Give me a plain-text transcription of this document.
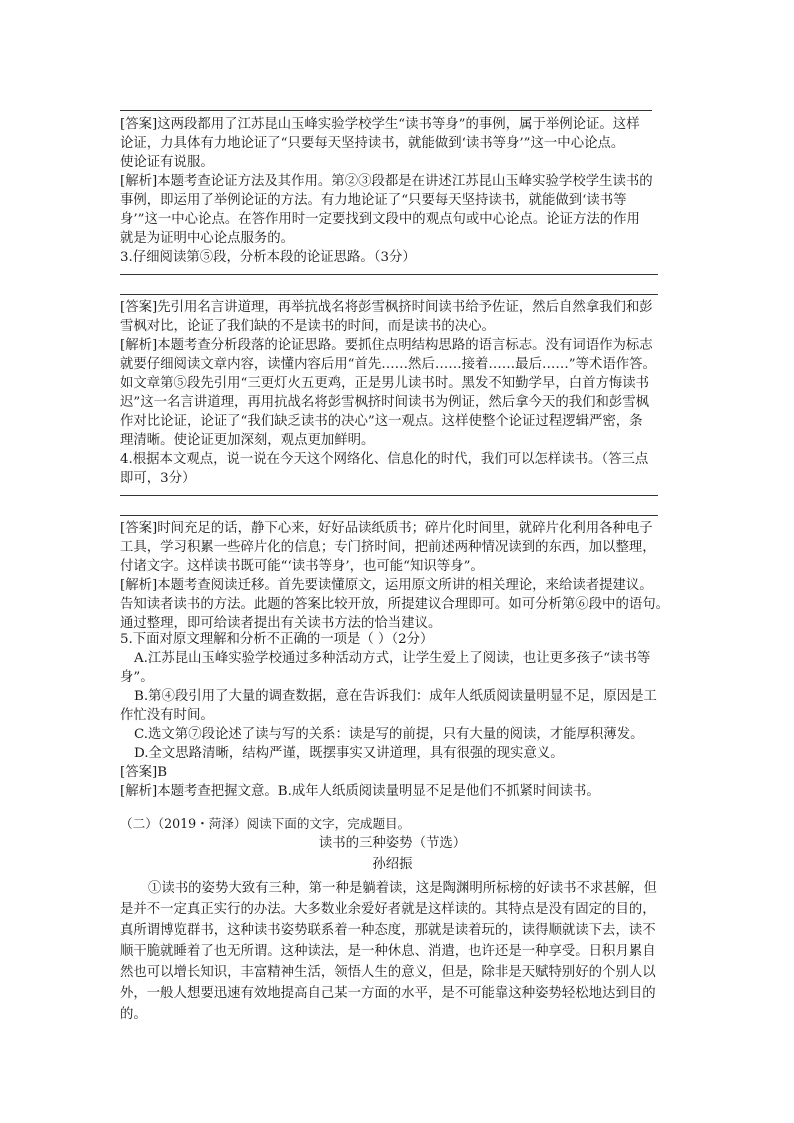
[答案]这两段都用了江苏昆山玉峰实验学校学生“读书等身”的事例，属于举例论证。这样
论证，力具体有力地论证了“只要每天坚持读书，就能做到‘读书等身’”这一中心论点。
使论证有说服。
[解析]本题考查论证方法及其作用。第②③段都是在讲述江苏昆山玉峰实验学校学生读书的
事例，即运用了举例论证的方法。有力地论证了“只要每天坚持读书，就能做到‘读书等
身’”这一中心论点。在答作用时一定要找到文段中的观点句或中心论点。论证方法的作用
就是为证明中心论点服务的。
3.仔细阅读第⑤段，分析本段的论证思路。（3分）
[答案]先引用名言讲道理，再举抗战名将彭雪枫挤时间读书给予佐证，然后自然拿我们和彭
雪枫对比，论证了我们缺的不是读书的时间，而是读书的决心。
[解析]本题考查分析段落的论证思路。要抓住点明结构思路的语言标志。没有词语作为标志
就要仔细阅读文章内容，读懂内容后用“首先……然后……接着……最后……”等术语作答。
如文章第⑤段先引用“三更灯火五更鸡，正是男儿读书时。黑发不知勤学早，白首方悔读书
迟”这一名言讲道理，再用抗战名将彭雪枫挤时间读书为例证，然后拿今天的我们和彭雪枫
作对比论证，论证了“我们缺乏读书的决心”这一观点。这样使整个论证过程逻辑严密，条
理清晰。使论证更加深刻，观点更加鲜明。
4.根据本文观点，说一说在今天这个网络化、信息化的时代，我们可以怎样读书。（答三点
即可，3分）
[答案]时间充足的话，静下心来，好好品读纸质书；碎片化时间里，就碎片化利用各种电子
工具，学习积累一些碎片化的信息；专门挤时间，把前述两种情况读到的东西，加以整理，
付诸文字。这样读书既可能“‘读书等身’，也可能“知识等身”。
[解析]本题考查阅读迁移。首先要读懂原文，运用原文所讲的相关理论，来给读者提建议。
告知读者读书的方法。此题的答案比较开放，所提建议合理即可。如可分析第⑥段中的语句。
通过整理，即可给读者提出有关读书方法的恰当建议。
5.下面对原文理解和分析不正确的一项是（ ）（2分）
A.江苏昆山玉峰实验学校通过多种活动方式，让学生爱上了阅读，也让更多孩子“读书等
身”。
B.第④段引用了大量的调查数据，意在告诉我们：成年人纸质阅读量明显不足，原因是工
作忙没有时间。
C.选文第⑦段论述了读与写的关系：读是写的前提，只有大量的阅读，才能厚积薄发。
D.全文思路清晰，结构严谨，既摆事实又讲道理，具有很强的现实意义。
[答案]B
[解析]本题考查把握文意。B.成年人纸质阅读量明显不足是他们不抓紧时间读书。
（二）（2019・菏泽）阅读下面的文字，完成题目。
读书的三种姿势（节选）
孙绍振
①读书的姿势大致有三种，第一种是躺着读，这是陶渊明所标榜的好读书不求甚解，但
是并不一定真正实行的办法。大多数业余爱好者就是这样读的。其特点是没有固定的目的，
真所谓博览群书，这种读书姿势联系着一种态度，那就是读着玩的，读得顺就读下去，读不
顺干脆就睡着了也无所谓。这种读法，是一种休息、消遣，也许还是一种享受。日积月累自
然也可以增长知识，丰富精神生活，领悟人生的意义，但是，除非是天赋特别好的个别人以
外，一般人想要迅速有效地提高自己某一方面的水平，是不可能靠这种姿势轻松地达到目的
的。
